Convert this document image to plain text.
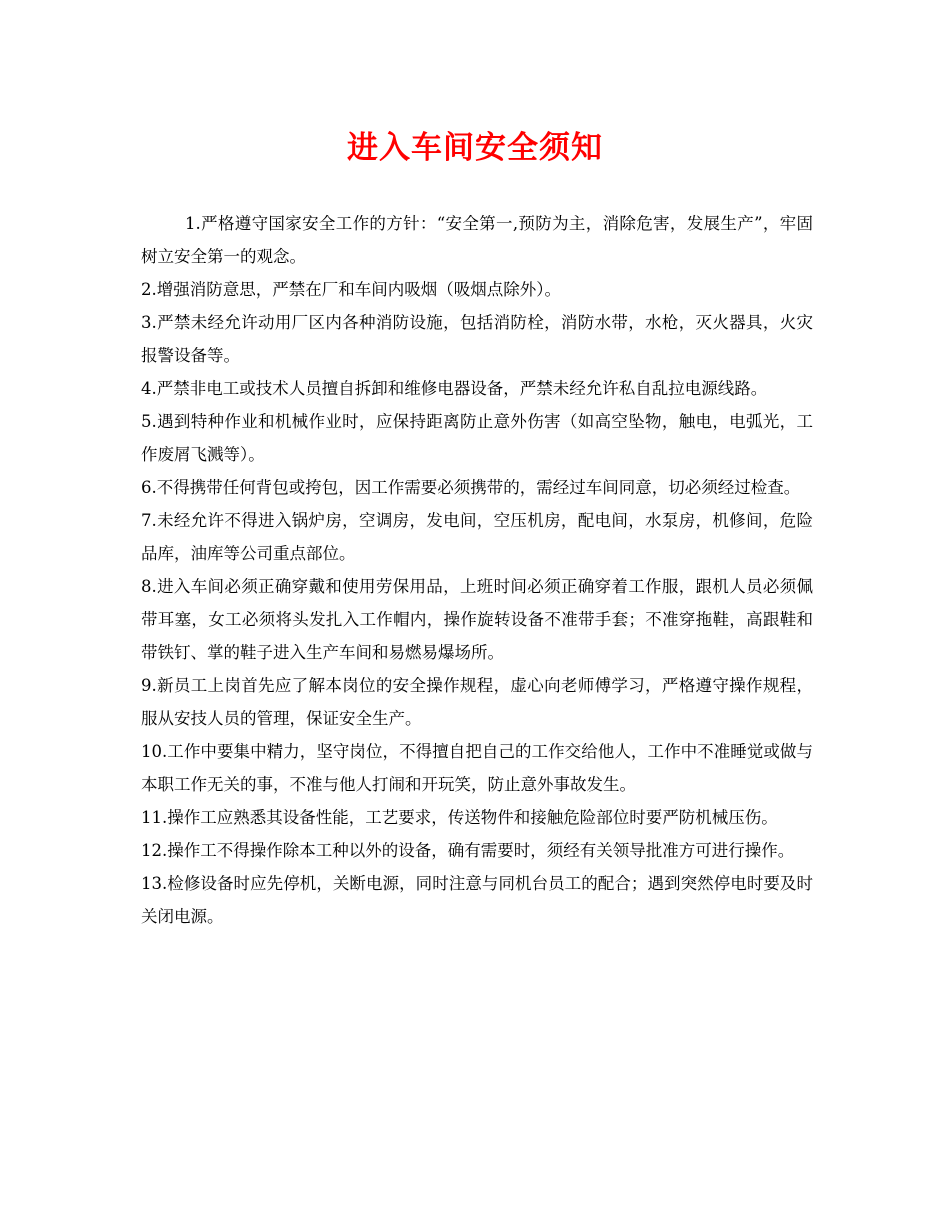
进入车间安全须知

1.严格遵守国家安全工作的方针：“安全第一,预防为主，消除危害，发展生产”，牢固树立安全第一的观念。

2.增强消防意思，严禁在厂和车间内吸烟（吸烟点除外）。

3.严禁未经允许动用厂区内各种消防设施，包括消防栓，消防水带，水枪，灭火器具，火灾报警设备等。

4.严禁非电工或技术人员擅自拆卸和维修电器设备，严禁未经允许私自乱拉电源线路。

5.遇到特种作业和机械作业时，应保持距离防止意外伤害（如高空坠物，触电，电弧光，工作废屑飞溅等）。

6.不得携带任何背包或挎包，因工作需要必须携带的，需经过车间同意，切必须经过检查。

7.未经允许不得进入锅炉房，空调房，发电间，空压机房，配电间，水泵房，机修间，危险品库，油库等公司重点部位。

8.进入车间必须正确穿戴和使用劳保用品，上班时间必须正确穿着工作服，跟机人员必须佩带耳塞，女工必须将头发扎入工作帽内，操作旋转设备不准带手套；不准穿拖鞋，高跟鞋和带铁钉、掌的鞋子进入生产车间和易燃易爆场所。

9.新员工上岗首先应了解本岗位的安全操作规程，虚心向老师傅学习，严格遵守操作规程，服从安技人员的管理，保证安全生产。

10.工作中要集中精力，坚守岗位，不得擅自把自己的工作交给他人，工作中不准睡觉或做与本职工作无关的事，不准与他人打闹和开玩笑，防止意外事故发生。

11.操作工应熟悉其设备性能，工艺要求，传送物件和接触危险部位时要严防机械压伤。

12.操作工不得操作除本工种以外的设备，确有需要时，须经有关领导批准方可进行操作。

13.检修设备时应先停机，关断电源，同时注意与同机台员工的配合；遇到突然停电时要及时关闭电源。
